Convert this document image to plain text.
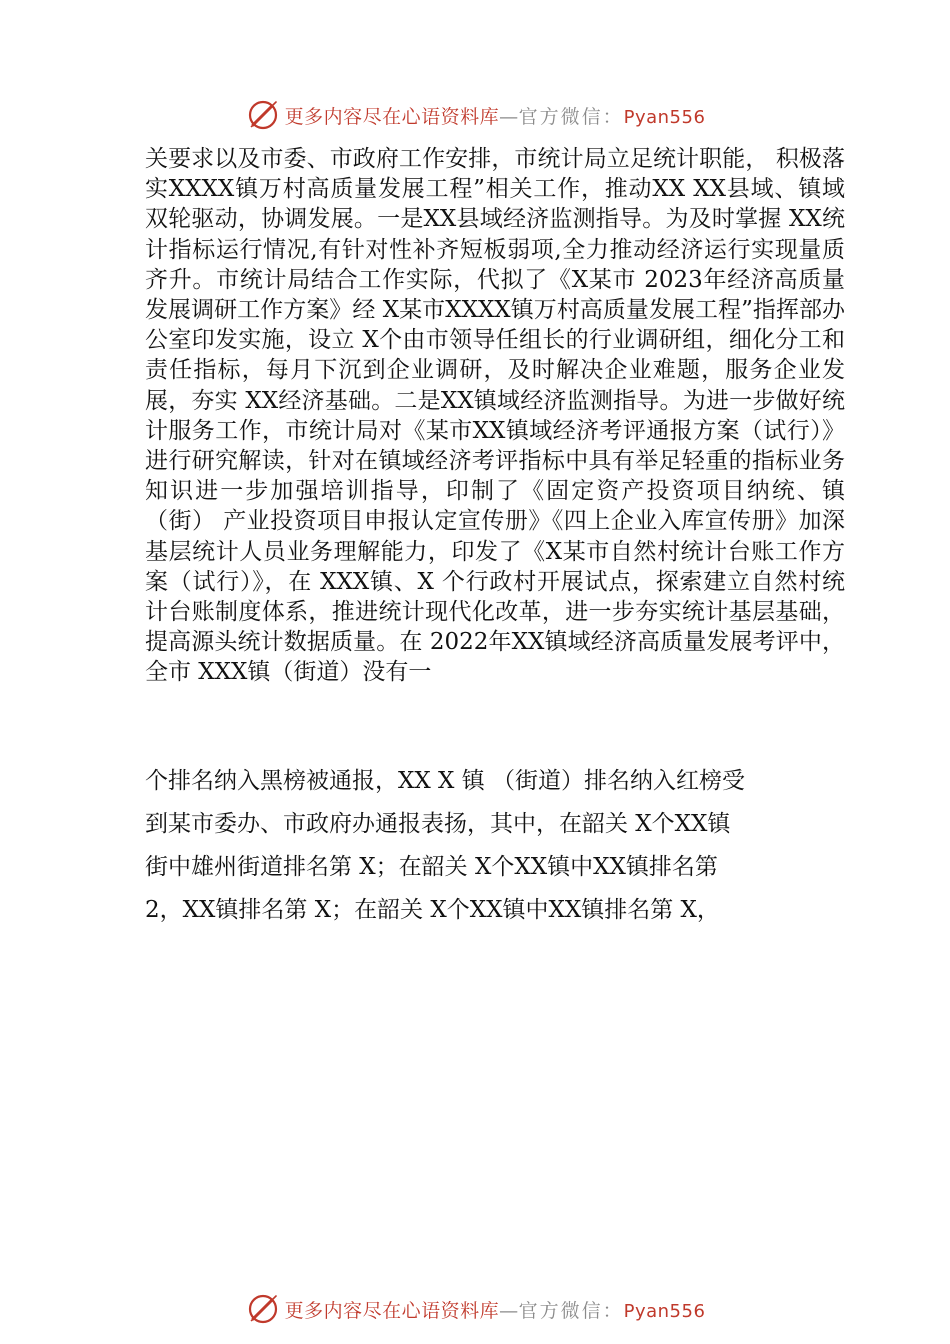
更多内容尽在心语资料库—官方微信：Pyan556

关要求以及市委、市政府工作安排，市统计局立足统计职能， 积极落实XXXX镇万村高质量发展工程”相关工作，推动XX XX县域、镇域双轮驱动，协调发展。一是XX县域经济监测指导。为及时掌握 XX统计指标运行情况,有针对性补齐短板弱项,全力推动经济运行实现量质齐升。市统计局结合工作实际，代拟了《X某市 2023年经济高质量发展调研工作方案》经 X某市XXXX镇万村高质量发展工程”指挥部办公室印发实施，设立 X个由市领导任组长的行业调研组，细化分工和责任指标，每月下沉到企业调研，及时解决企业难题，服务企业发展，夯实 XX经济基础。二是XX镇域经济监测指导。为进一步做好统计服务工作，市统计局对《某市XX镇域经济考评通报方案（试行）》进行研究解读，针对在镇域经济考评指标中具有举足轻重的指标业务知识进一步加强培训指导，印制了《固定资产投资项目纳统、镇（街） 产业投资项目申报认定宣传册》《四上企业入库宣传册》加深基层统计人员业务理解能力，印发了《X某市自然村统计台账工作方案（试行）》，在 XXX镇、X 个行政村开展试点，探索建立自然村统计台账制度体系，推进统计现代化改革，进一步夯实统计基层基础，提高源头统计数据质量。在 2022年XX镇域经济高质量发展考评中，全市 XXX镇（街道）没有一

个排名纳入黑榜被通报，XX X 镇 （街道）排名纳入红榜受
到某市委办、市政府办通报表扬，其中，在韶关 X个XX镇
街中雄州街道排名第 X；在韶关 X个XX镇中XX镇排名第
2，XX镇排名第 X；在韶关 X个XX镇中XX镇排名第 X，
更多内容尽在心语资料库—官方微信：Pyan556
